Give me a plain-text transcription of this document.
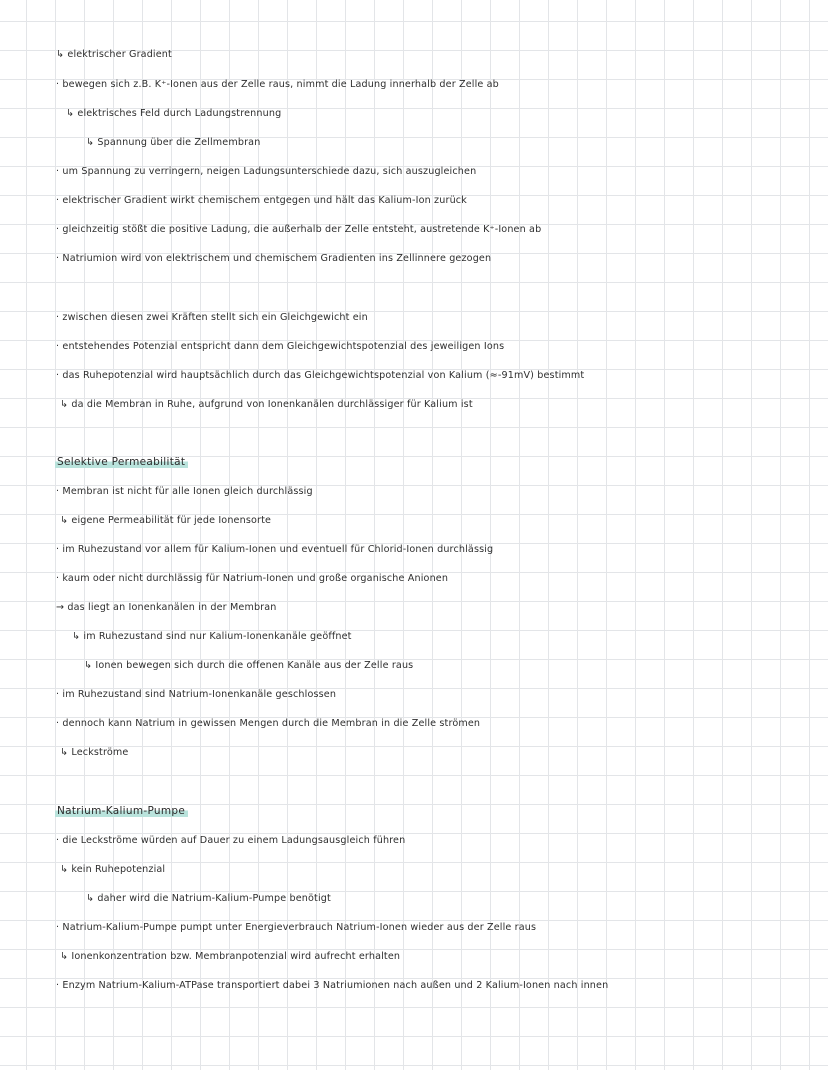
↳ elektrischer Gradient
· bewegen sich z.B. K⁺-Ionen aus der Zelle raus, nimmt die Ladung innerhalb der Zelle ab
↳ elektrisches Feld durch Ladungstrennung
↳ Spannung über die Zellmembran
· um Spannung zu verringern, neigen Ladungsunterschiede dazu, sich auszugleichen
· elektrischer Gradient wirkt chemischem entgegen und hält das Kalium-Ion zurück
· gleichzeitig stößt die positive Ladung, die außerhalb der Zelle entsteht, austretende K⁺-Ionen ab
· Natriumion wird von elektrischem und chemischem Gradienten ins Zellinnere gezogen
· zwischen diesen zwei Kräften stellt sich ein Gleichgewicht ein
· entstehendes Potenzial entspricht dann dem Gleichgewichtspotenzial des jeweiligen Ions
· das Ruhepotenzial wird hauptsächlich durch das Gleichgewichtspotenzial von Kalium (≈-91mV) bestimmt
↳ da die Membran in Ruhe, aufgrund von Ionenkanälen durchlässiger für Kalium ist
Selektive Permeabilität
· Membran ist nicht für alle Ionen gleich durchlässig
↳ eigene Permeabilität für jede Ionensorte
· im Ruhezustand vor allem für Kalium-Ionen und eventuell für Chlorid-Ionen durchlässig
· kaum oder nicht durchlässig für Natrium-Ionen und große organische Anionen
→ das liegt an Ionenkanälen in der Membran
↳ im Ruhezustand sind nur Kalium-Ionenkanäle geöffnet
↳ Ionen bewegen sich durch die offenen Kanäle aus der Zelle raus
· im Ruhezustand sind Natrium-Ionenkanäle geschlossen
· dennoch kann Natrium in gewissen Mengen durch die Membran in die Zelle strömen
↳ Leckströme
Natrium-Kalium-Pumpe
· die Leckströme würden auf Dauer zu einem Ladungsausgleich führen
↳ kein Ruhepotenzial
↳ daher wird die Natrium-Kalium-Pumpe benötigt
· Natrium-Kalium-Pumpe pumpt unter Energieverbrauch Natrium-Ionen wieder aus der Zelle raus
↳ Ionenkonzentration bzw. Membranpotenzial wird aufrecht erhalten
· Enzym Natrium-Kalium-ATPase transportiert dabei 3 Natriumionen nach außen und 2 Kalium-Ionen nach innen
